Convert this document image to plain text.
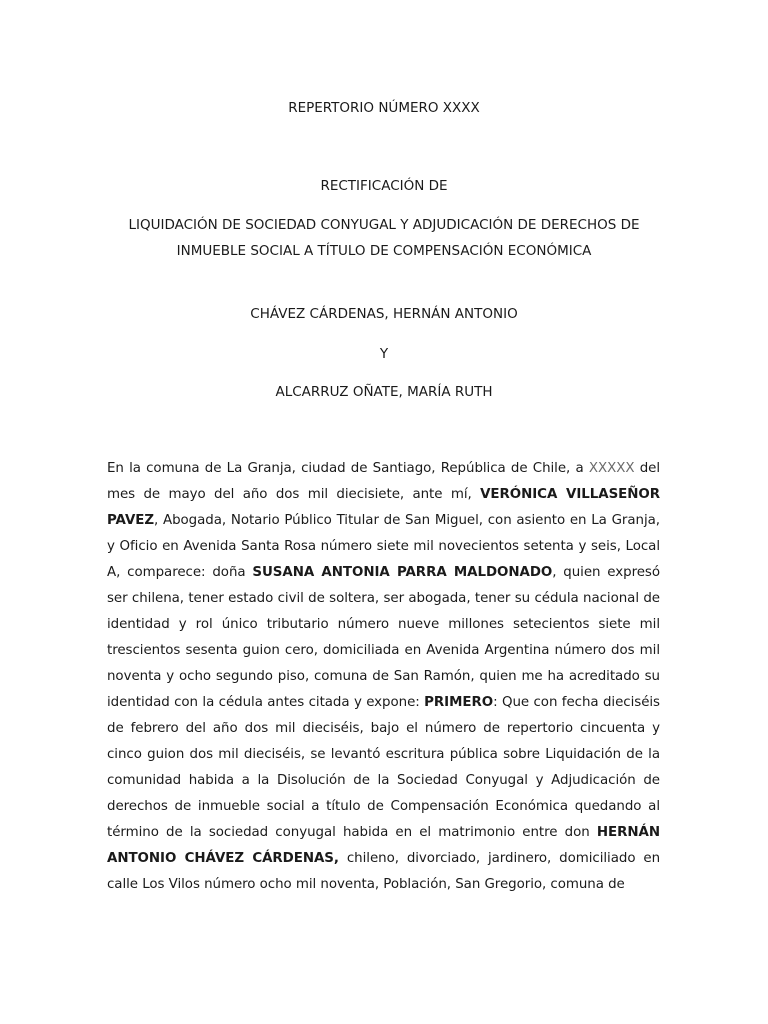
REPERTORIO NÚMERO XXXX

RECTIFICACIÓN DE

LIQUIDACIÓN DE SOCIEDAD CONYUGAL Y ADJUDICACIÓN DE DERECHOS DE INMUEBLE SOCIAL A TÍTULO DE COMPENSACIÓN ECONÓMICA

CHÁVEZ CÁRDENAS, HERNÁN ANTONIO

Y

ALCARRUZ OÑATE, MARÍA RUTH

En la comuna de La Granja, ciudad de Santiago, República de Chile, a XXXXX del mes de mayo del año dos mil diecisiete, ante mí, VERÓNICA VILLASEÑOR PAVEZ, Abogada, Notario Público Titular de San Miguel, con asiento en La Granja, y Oficio en Avenida Santa Rosa número siete mil novecientos setenta y seis, Local A, comparece: doña SUSANA ANTONIA PARRA MALDONADO, quien expresó ser chilena, tener estado civil de soltera, ser abogada, tener su cédula nacional de identidad y rol único tributario número nueve millones setecientos siete mil trescientos sesenta guion cero, domiciliada en Avenida Argentina número dos mil noventa y ocho segundo piso, comuna de San Ramón, quien me ha acreditado su identidad con la cédula antes citada y expone: PRIMERO: Que con fecha dieciséis de febrero del año dos mil dieciséis, bajo el número de repertorio cincuenta y cinco guion dos mil dieciséis, se levantó escritura pública sobre Liquidación de la comunidad habida a la Disolución de la Sociedad Conyugal y Adjudicación de derechos de inmueble social a título de Compensación Económica quedando al término de la sociedad conyugal habida en el matrimonio entre don HERNÁN ANTONIO CHÁVEZ CÁRDENAS, chileno, divorciado, jardinero, domiciliado en calle Los Vilos número ocho mil noventa, Población, San Gregorio, comuna de
